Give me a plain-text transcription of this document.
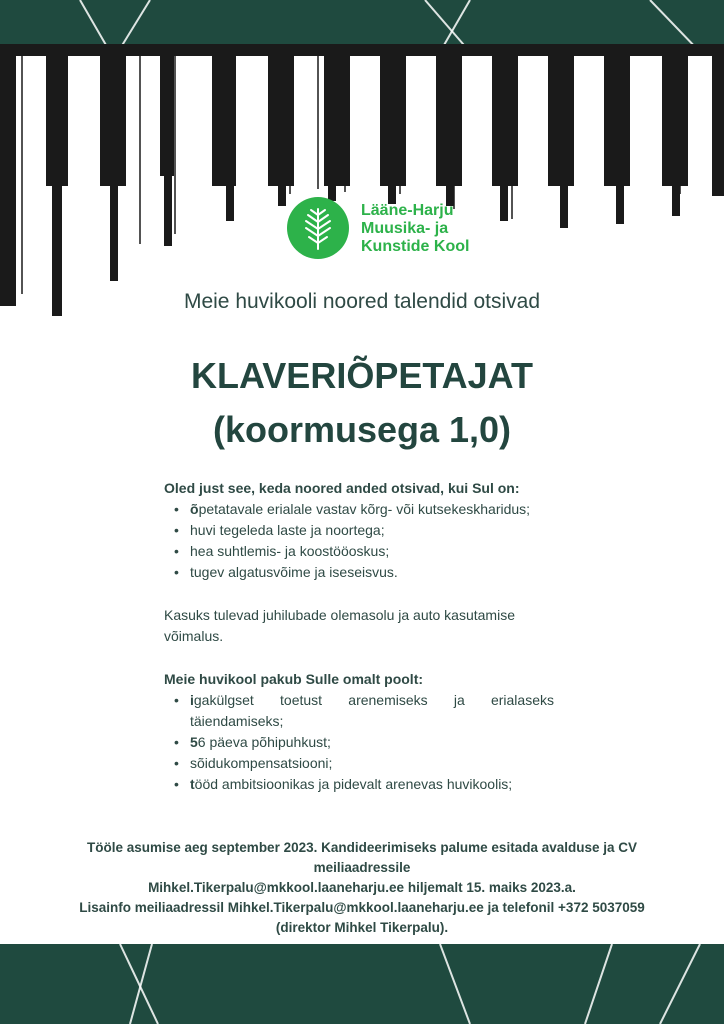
Lääne-Harju
Muusika- ja
Kunstide Kool
Meie huvikooli noored talendid otsivad
KLAVERIÕPETAJAT
(koormusega 1,0)
Oled just see, keda noored anded otsivad, kui Sul on:
• õpetatavale erialale vastav kõrg- või kutsekeskharidus;
• huvi tegeleda laste ja noortega;
• hea suhtlemis- ja koostööoskus;
• tugev algatusvõime ja iseseisvus.
Kasuks tulevad juhilubade olemasolu ja auto kasutamise võimalus.
Meie huvikool pakub Sulle omalt poolt:
• igakülgset toetust arenemiseks ja erialaseks täiendamiseks;
• 56 päeva põhipuhkust;
• sõidukompensatsiooni;
• tööd ambitsioonikas ja pidevalt arenevas huvikoolis;
Tööle asumise aeg september 2023. Kandideerimiseks palume esitada avalduse ja CV
meiliaadressile
Mihkel.Tikerpalu@mkkool.laaneharju.ee hiljemalt 15. maiks 2023.a.
Lisainfo meiliaadressil Mihkel.Tikerpalu@mkkool.laaneharju.ee ja telefonil +372 5037059
(direktor Mihkel Tikerpalu).
